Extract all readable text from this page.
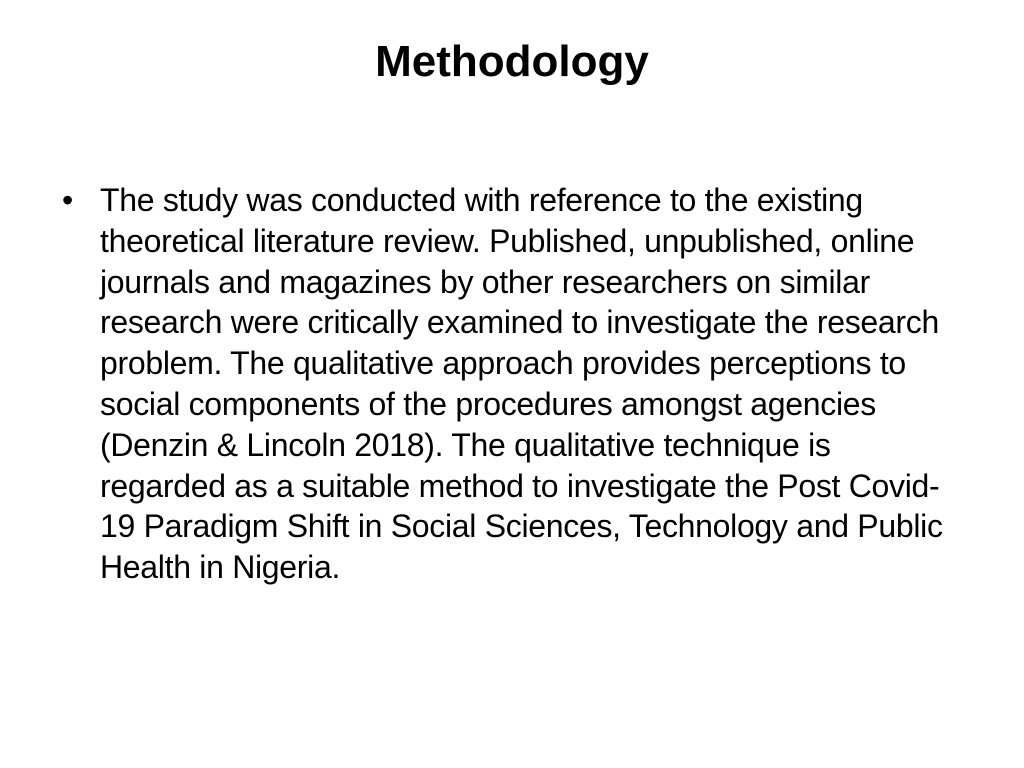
Methodology
• The study was conducted with reference to the existing theoretical literature review. Published, unpublished, online journals and magazines by other researchers on similar research were critically examined to investigate the research problem. The qualitative approach provides perceptions to social components of the procedures amongst agencies (Denzin & Lincoln 2018). The qualitative technique is regarded as a suitable method to investigate the Post Covid-19 Paradigm Shift in Social Sciences, Technology and Public Health in Nigeria.
